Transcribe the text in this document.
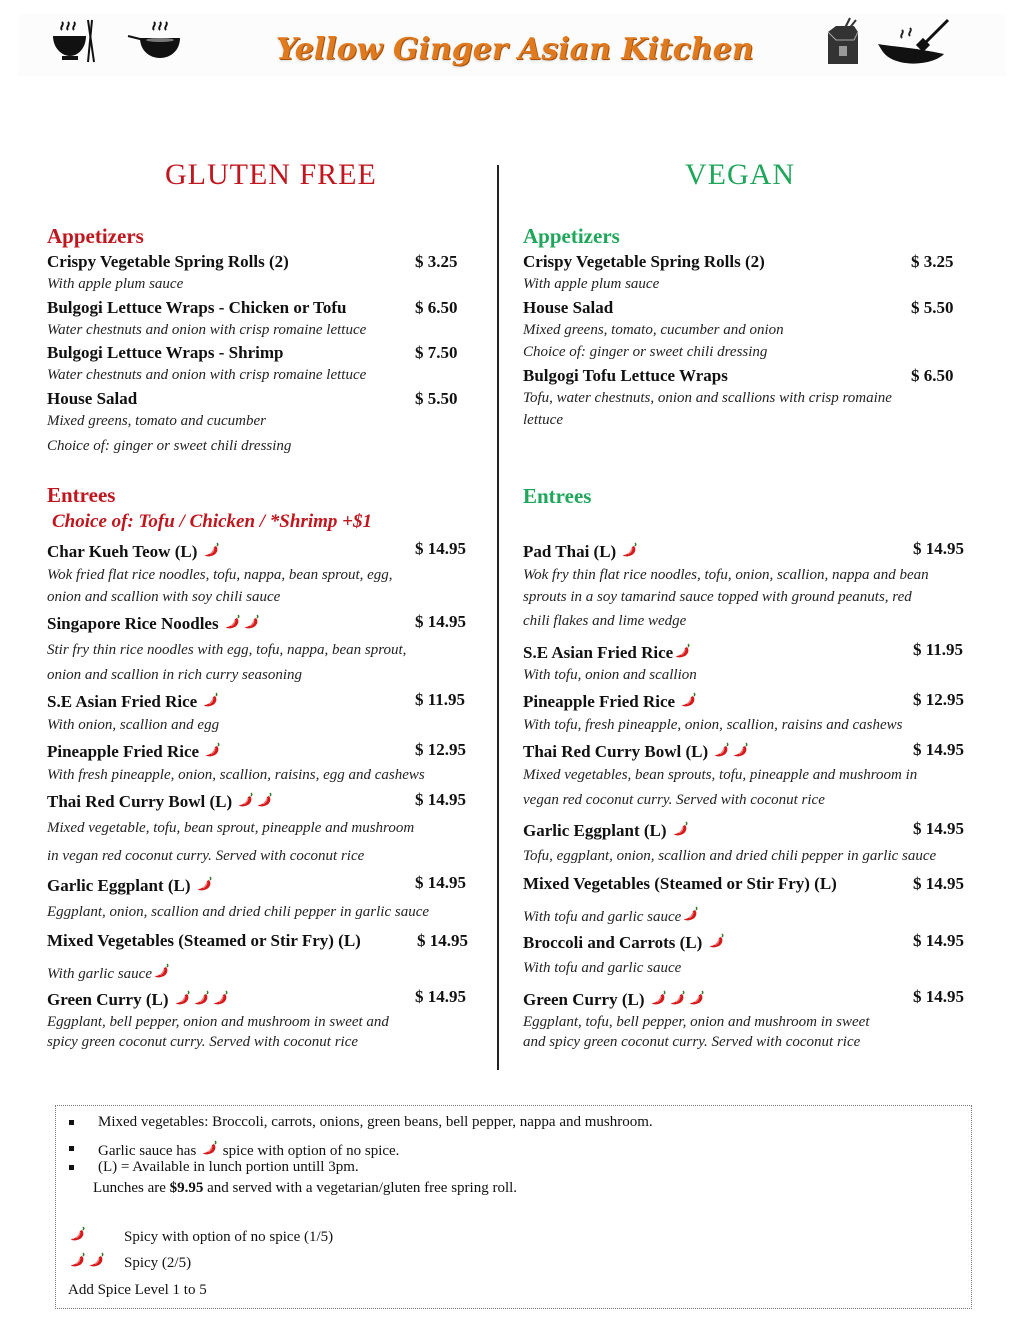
Yellow Ginger Asian Kitchen
GLUTEN FREE
Appetizers
Crispy Vegetable Spring Rolls (2)	$ 3.25
With apple plum sauce
Bulgogi Lettuce Wraps - Chicken or Tofu	$ 6.50
Water chestnuts and onion with crisp romaine lettuce
Bulgogi Lettuce Wraps - Shrimp	$ 7.50
Water chestnuts and onion with crisp romaine lettuce
House Salad	$ 5.50
Mixed greens, tomato and cucumber
Choice of: ginger or sweet chili dressing
Entrees
Choice of: Tofu / Chicken / *Shrimp +$1
Char Kueh Teow (L)	$ 14.95
Wok fried flat rice noodles, tofu, nappa, bean sprout, egg,
onion and scallion with soy chili sauce
Singapore Rice Noodles	$ 14.95
Stir fry thin rice noodles with egg, tofu, nappa, bean sprout,
onion and scallion in rich curry seasoning
S.E Asian Fried Rice	$ 11.95
With onion, scallion and egg
Pineapple Fried Rice	$ 12.95
With fresh pineapple, onion, scallion, raisins, egg and cashews
Thai Red Curry Bowl (L)	$ 14.95
Mixed vegetable, tofu, bean sprout, pineapple and mushroom
in vegan red coconut curry. Served with coconut rice
Garlic Eggplant (L)	$ 14.95
Eggplant, onion, scallion and dried chili pepper in garlic sauce
Mixed Vegetables (Steamed or Stir Fry) (L)	$ 14.95
With garlic sauce
Green Curry (L)	$ 14.95
Eggplant, bell pepper, onion and mushroom in sweet and
spicy green coconut curry. Served with coconut rice
VEGAN
Appetizers
Crispy Vegetable Spring Rolls (2)	$ 3.25
With apple plum sauce
House Salad	$ 5.50
Mixed greens, tomato, cucumber and onion
Choice of: ginger or sweet chili dressing
Bulgogi Tofu Lettuce Wraps	$ 6.50
Tofu, water chestnuts, onion and scallions with crisp romaine
lettuce
Entrees
Pad Thai (L)	$ 14.95
Wok fry thin flat rice noodles, tofu, onion, scallion, nappa and bean
sprouts in a soy tamarind sauce topped with ground peanuts, red
chili flakes and lime wedge
S.E Asian Fried Rice	$ 11.95
With tofu, onion and scallion
Pineapple Fried Rice	$ 12.95
With tofu, fresh pineapple, onion, scallion, raisins and cashews
Thai Red Curry Bowl (L)	$ 14.95
Mixed vegetables, bean sprouts, tofu, pineapple and mushroom in
vegan red coconut curry. Served with coconut rice
Garlic Eggplant (L)	$ 14.95
Tofu, eggplant, onion, scallion and dried chili pepper in garlic sauce
Mixed Vegetables (Steamed or Stir Fry) (L)	$ 14.95
With tofu and garlic sauce
Broccoli and Carrots (L)	$ 14.95
With tofu and garlic sauce
Green Curry (L)	$ 14.95
Eggplant, tofu, bell pepper, onion and mushroom in sweet
and spicy green coconut curry. Served with coconut rice
Mixed vegetables: Broccoli, carrots, onions, green beans, bell pepper, nappa and mushroom.
Garlic sauce has spice with option of no spice.
(L) = Available in lunch portion untill 3pm.
Lunches are $9.95 and served with a vegetarian/gluten free spring roll.
Spicy with option of no spice (1/5)
Spicy (2/5)
Add Spice Level 1 to 5
